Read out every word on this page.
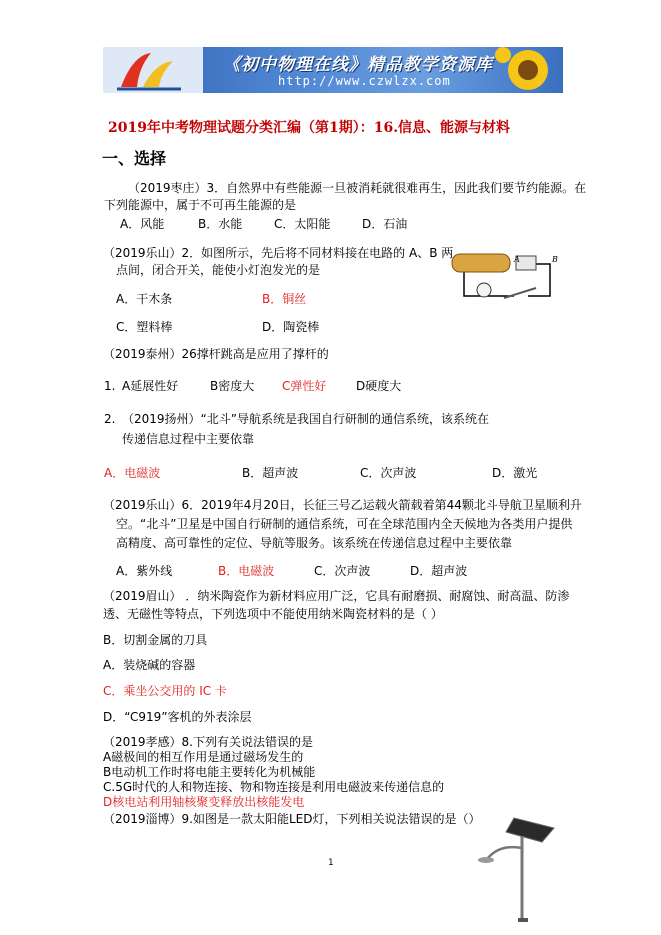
《初中物理在线》精品教学资源库
http://www.czwlzx.com
2019年中考物理试题分类汇编（第1期）：16.信息、能源与材料
一、选择
（2019枣庄）3．自然界中有些能源一旦被消耗就很难再生，因此我们要节约能源。在
下列能源中，属于不可再生能源的是
A．风能	B．水能	C．太阳能	D．石油
（2019乐山）2．如图所示，先后将不同材料接在电路的 A、B 两
点间，闭合开关，能使小灯泡发光的是
A．干木条	B．铜丝
C．塑料棒	D．陶瓷棒
A	B
（2019泰州）26撑杆跳高是应用了撑杆的
1. A延展性好	B密度大 C弹性好 D硬度大
2. （2019扬州）“北斗”导航系统是我国自行研制的通信系统，该系统在
传递信息过程中主要依靠
A．电磁波	B．超声波	C．次声波	D．激光
（2019乐山）6．2019年4月20日，长征三号乙运载火箭载着第44颗北斗导航卫星顺利升
空。“北斗”卫星是中国自行研制的通信系统，可在全球范围内全天候地为各类用户提供
高精度、高可靠性的定位、导航等服务。该系统在传递信息过程中主要依靠
A．紫外线	B．电磁波	C．次声波	D．超声波
（2019眉山） ．纳米陶瓷作为新材料应用广泛，它具有耐磨损、耐腐蚀、耐高温、防渗
透、无磁性等特点，下列选项中不能使用纳米陶瓷材料的是（ ）
B．切割金属的刀具
A．装烧碱的容器
C．乘坐公交用的 IC 卡
D．“C919”客机的外表涂层
（2019孝感）8.下列有关说法错误的是
A磁极间的相互作用是通过磁场发生的
B电动机工作时将电能主要转化为机械能
C.5G时代的人和物连接、物和物连接是利用电磁波来传递信息的
D核电站利用轴核聚变释放出核能发电
（2019淄博）9.如图是一款太阳能LED灯，下列相关说法错误的是（）
1
